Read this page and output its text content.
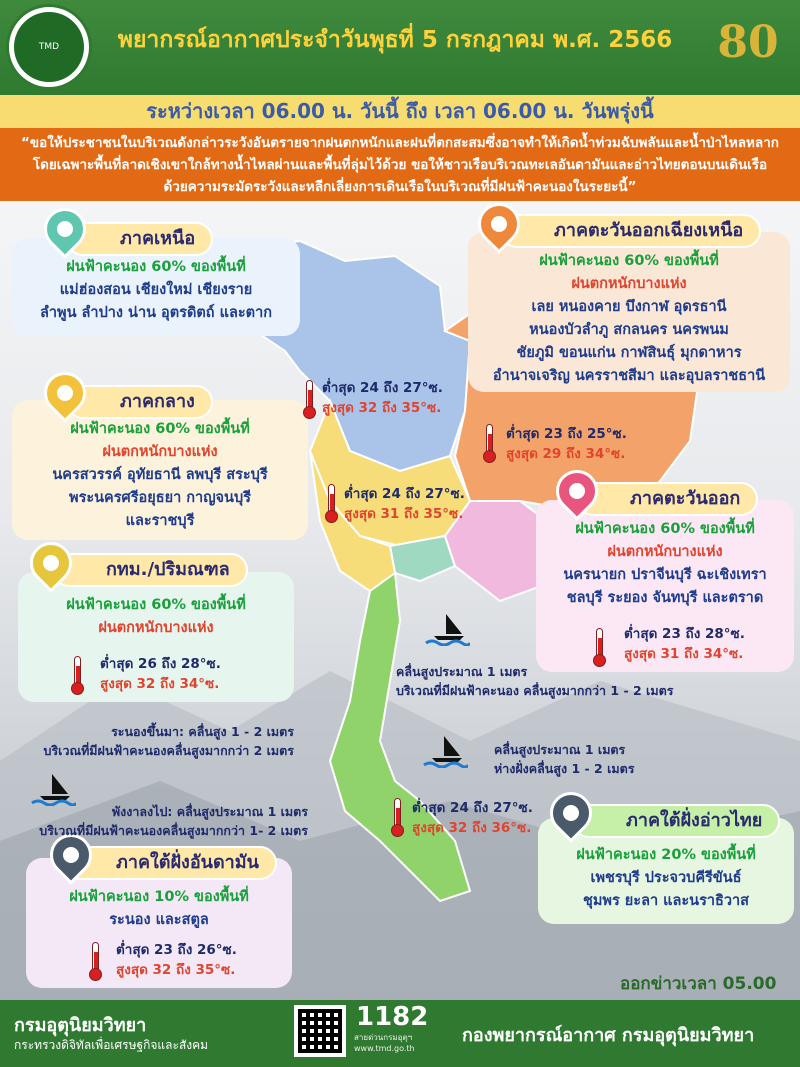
TMD	พยากรณ์อากาศประจำวันพุธที่ 5 กรกฎาคม พ.ศ. 2566	80

ระหว่างเวลา 06.00 น. วันนี้ ถึง เวลา 06.00 น. วันพรุ่งนี้
“ขอให้ประชาชนในบริเวณดังกล่าวระวังอันตรายจากฝนตกหนักและฝนที่ตกสะสมซึ่งอาจทำให้เกิดน้ำท่วมฉับพลันและน้ำป่าไหลหลาก
โดยเฉพาะพื้นที่ลาดเชิงเขาใกล้ทางน้ำไหลผ่านและพื้นที่ลุ่มไว้ด้วย ขอให้ชาวเรือบริเวณทะเลอันดามันและอ่าวไทยตอนบนเดินเรือ
ด้วยความระมัดระวังและหลีกเลี่ยงการเดินเรือในบริเวณที่มีฝนฟ้าคะนองในระยะนี้”
ฝนฟ้าคะนอง 60% ของพื้นที่
แม่ฮ่องสอน เชียงใหม่ เชียงราย
ลำพูน ลำปาง น่าน อุตรดิตถ์ และตาก
ภาคเหนือ
ฝนฟ้าคะนอง 60% ของพื้นที่
ฝนตกหนักบางแห่ง
เลย หนองคาย บึงกาฬ อุดรธานี
หนองบัวลำภู สกลนคร นครพนม
ชัยภูมิ ขอนแก่น กาฬสินธุ์ มุกดาหาร
อำนาจเจริญ นครราชสีมา และอุบลราชธานี
ภาคตะวันออกเฉียงเหนือ
ฝนฟ้าคะนอง 60% ของพื้นที่
ฝนตกหนักบางแห่ง
นครสวรรค์ อุทัยธานี ลพบุรี สระบุรี
พระนครศรีอยุธยา กาญจนบุรี
และราชบุรี
ภาคกลาง
ฝนฟ้าคะนอง 60% ของพื้นที่
ฝนตกหนักบางแห่ง
นครนายก ปราจีนบุรี ฉะเชิงเทรา
ชลบุรี ระยอง จันทบุรี และตราด
ภาคตะวันออก
ฝนฟ้าคะนอง 60% ของพื้นที่
ฝนตกหนักบางแห่ง
กทม./ปริมณฑล
ฝนฟ้าคะนอง 20% ของพื้นที่
เพชรบุรี ประจวบคีรีขันธ์
ชุมพร ยะลา และนราธิวาส
ภาคใต้ฝั่งอ่าวไทย
ฝนฟ้าคะนอง 10% ของพื้นที่
ระนอง และสตูล
ภาคใต้ฝั่งอันดามัน
ต่ำสุด 24 ถึง 27°ซ.
สูงสุด 32 ถึง 35°ซ.
ต่ำสุด 23 ถึง 25°ซ.
สูงสุด 29 ถึง 34°ซ.
ต่ำสุด 24 ถึง 27°ซ.
สูงสุด 31 ถึง 35°ซ.
ต่ำสุด 23 ถึง 28°ซ.
สูงสุด 31 ถึง 34°ซ.
ต่ำสุด 26 ถึง 28°ซ.
สูงสุด 32 ถึง 34°ซ.
ต่ำสุด 24 ถึง 27°ซ.
สูงสุด 32 ถึง 36°ซ.
ต่ำสุด 23 ถึง 26°ซ.
สูงสุด 32 ถึง 35°ซ.
คลื่นสูงประมาณ 1 เมตร
บริเวณที่มีฝนฟ้าคะนอง คลื่นสูงมากกว่า 1 - 2 เมตร
คลื่นสูงประมาณ 1 เมตร
ห่างฝั่งคลื่นสูง 1 - 2 เมตร
ระนองขึ้นมา: คลื่นสูง 1 - 2 เมตร
บริเวณที่มีฝนฟ้าคะนองคลื่นสูงมากกว่า 2 เมตร
พังงาลงไป: คลื่นสูงประมาณ 1 เมตร
บริเวณที่มีฝนฟ้าคะนองคลื่นสูงมากกว่า 1- 2 เมตร
ออกข่าวเวลา 05.00
กรมอุตุนิยมวิทยา
กระทรวงดิจิทัลเพื่อเศรษฐกิจและสังคม
1182
สายด่วนกรมอุตุฯ
www.tmd.go.th
กองพยากรณ์อากาศ กรมอุตุนิยมวิทยา
